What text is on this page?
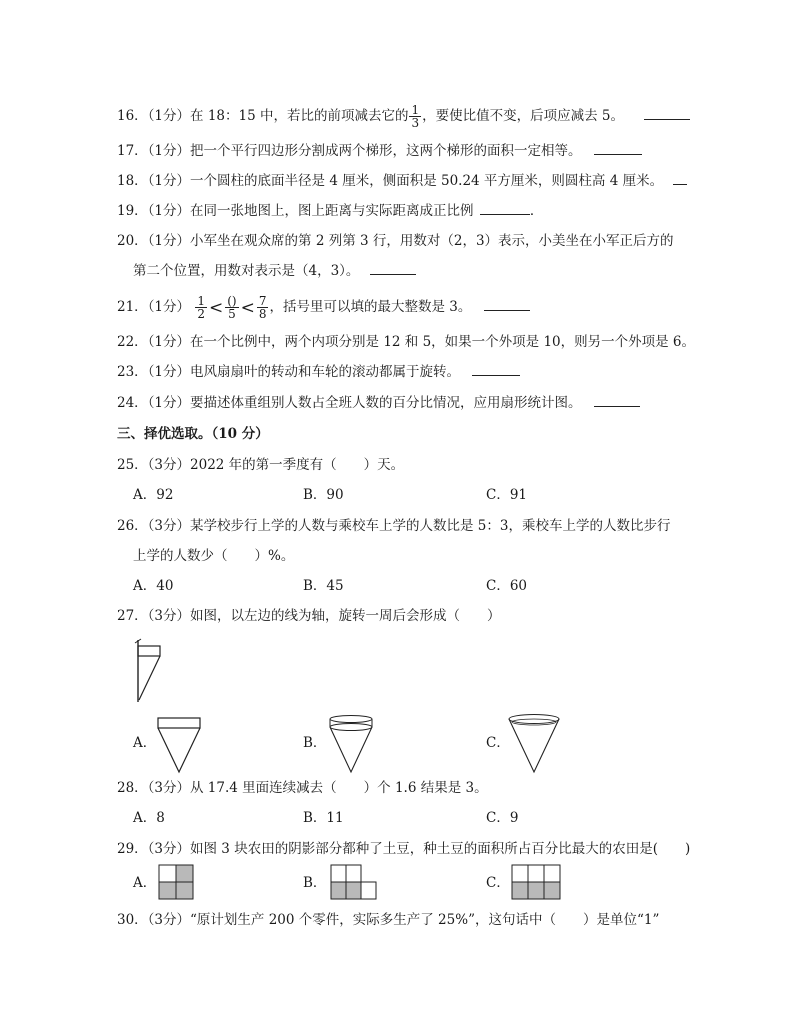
16．（1分）在 18：15 中，若比的前项减去它的 $\frac{1}{3}$ ，要使比值不变，后项应减去 5。
17．（1分）把一个平行四边形分割成两个梯形，这两个梯形的面积一定相等。
18．（1分）一个圆柱的底面半径是 4 厘米，侧面积是 50.24 平方厘米，则圆柱高 4 厘米。
19．（1分）在同一张地图上，图上距离与实际距离成正比例	．
20．（1分）小军坐在观众席的第 2 列第 3 行，用数对（2，3）表示，小美坐在小军正后方的
第二个位置，用数对表示是（4，3）。
21．（1分） $\frac{1}{2} < \frac{()}{5} < \frac{7}{8}$ ，括号里可以填的最大整数是 3。
22．（1分）在一个比例中，两个内项分别是 12 和 5，如果一个外项是 10，则另一个外项是 6。
23．（1分）电风扇扇叶的转动和车轮的滚动都属于旋转。
24．（1分）要描述体重组别人数占全班人数的百分比情况，应用扇形统计图。
三、择优选取。（10 分）
25．（3分）2022 年的第一季度有（　　）天。
A．92	B．90	C．91
26．（3分）某学校步行上学的人数与乘校车上学的人数比是 5：3，乘校车上学的人数比步行
上学的人数少（　　）%。
A．40	B．45	C．60
27．（3分）如图，以左边的线为轴，旋转一周后会形成（　　）
A．	B．	C．
28．（3分）从 17.4 里面连续减去（　　）个 1.6 结果是 3。
A．8	B．11	C．9
29．（3分）如图 3 块农田的阴影部分都种了土豆，种土豆的面积所占百分比最大的农田是(　　)
A．	B．	C．
30．（3分）“原计划生产 200 个零件，实际多生产了 25%”，这句话中（　　）是单位“1”
